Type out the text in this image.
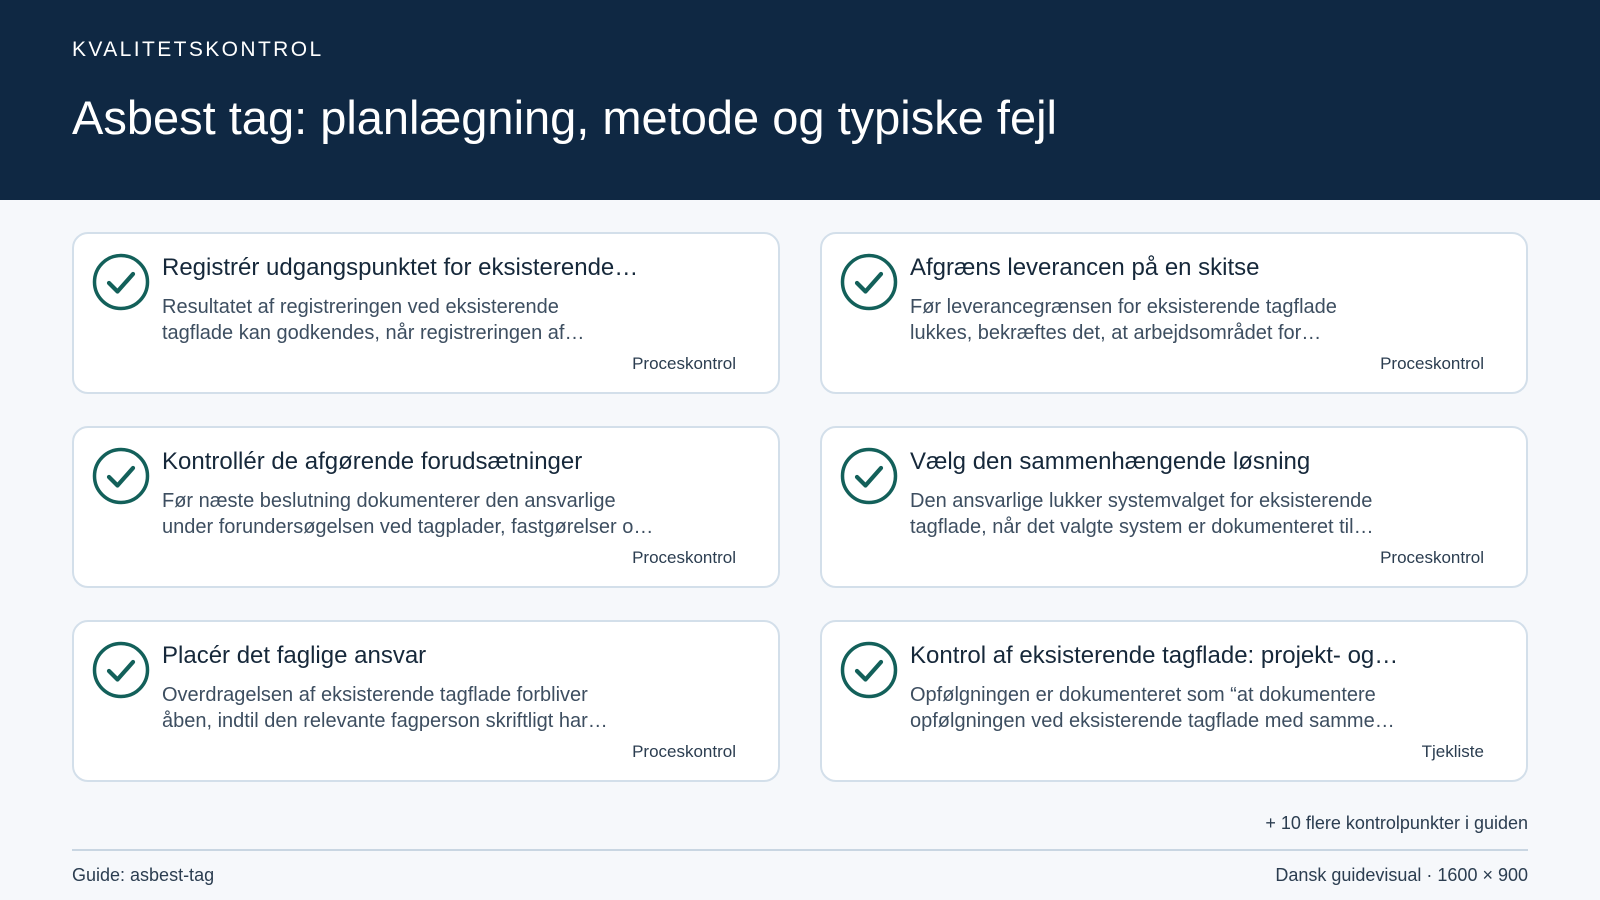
KVALITETSKONTROL
Asbest tag: planlægning, metode og typiske fejl
Registrér udgangspunktet for eksisterende…
Resultatet af registreringen ved eksisterende
tagflade kan godkendes, når registreringen af…
Proceskontrol
Afgræns leverancen på en skitse
Før leverancegrænsen for eksisterende tagflade
lukkes, bekræftes det, at arbejdsområdet for…
Proceskontrol
Kontrollér de afgørende forudsætninger
Før næste beslutning dokumenterer den ansvarlige
under forundersøgelsen ved tagplader, fastgørelser o…
Proceskontrol
Vælg den sammenhængende løsning
Den ansvarlige lukker systemvalget for eksisterende
tagflade, når det valgte system er dokumenteret til…
Proceskontrol
Placér det faglige ansvar
Overdragelsen af eksisterende tagflade forbliver
åben, indtil den relevante fagperson skriftligt har…
Proceskontrol
Kontrol af eksisterende tagflade: projekt- og…
Opfølgningen er dokumenteret som “at dokumentere
opfølgningen ved eksisterende tagflade med samme…
Tjekliste
+ 10 flere kontrolpunkter i guiden
Guide: asbest-tag	Dansk guidevisual · 1600 × 900
